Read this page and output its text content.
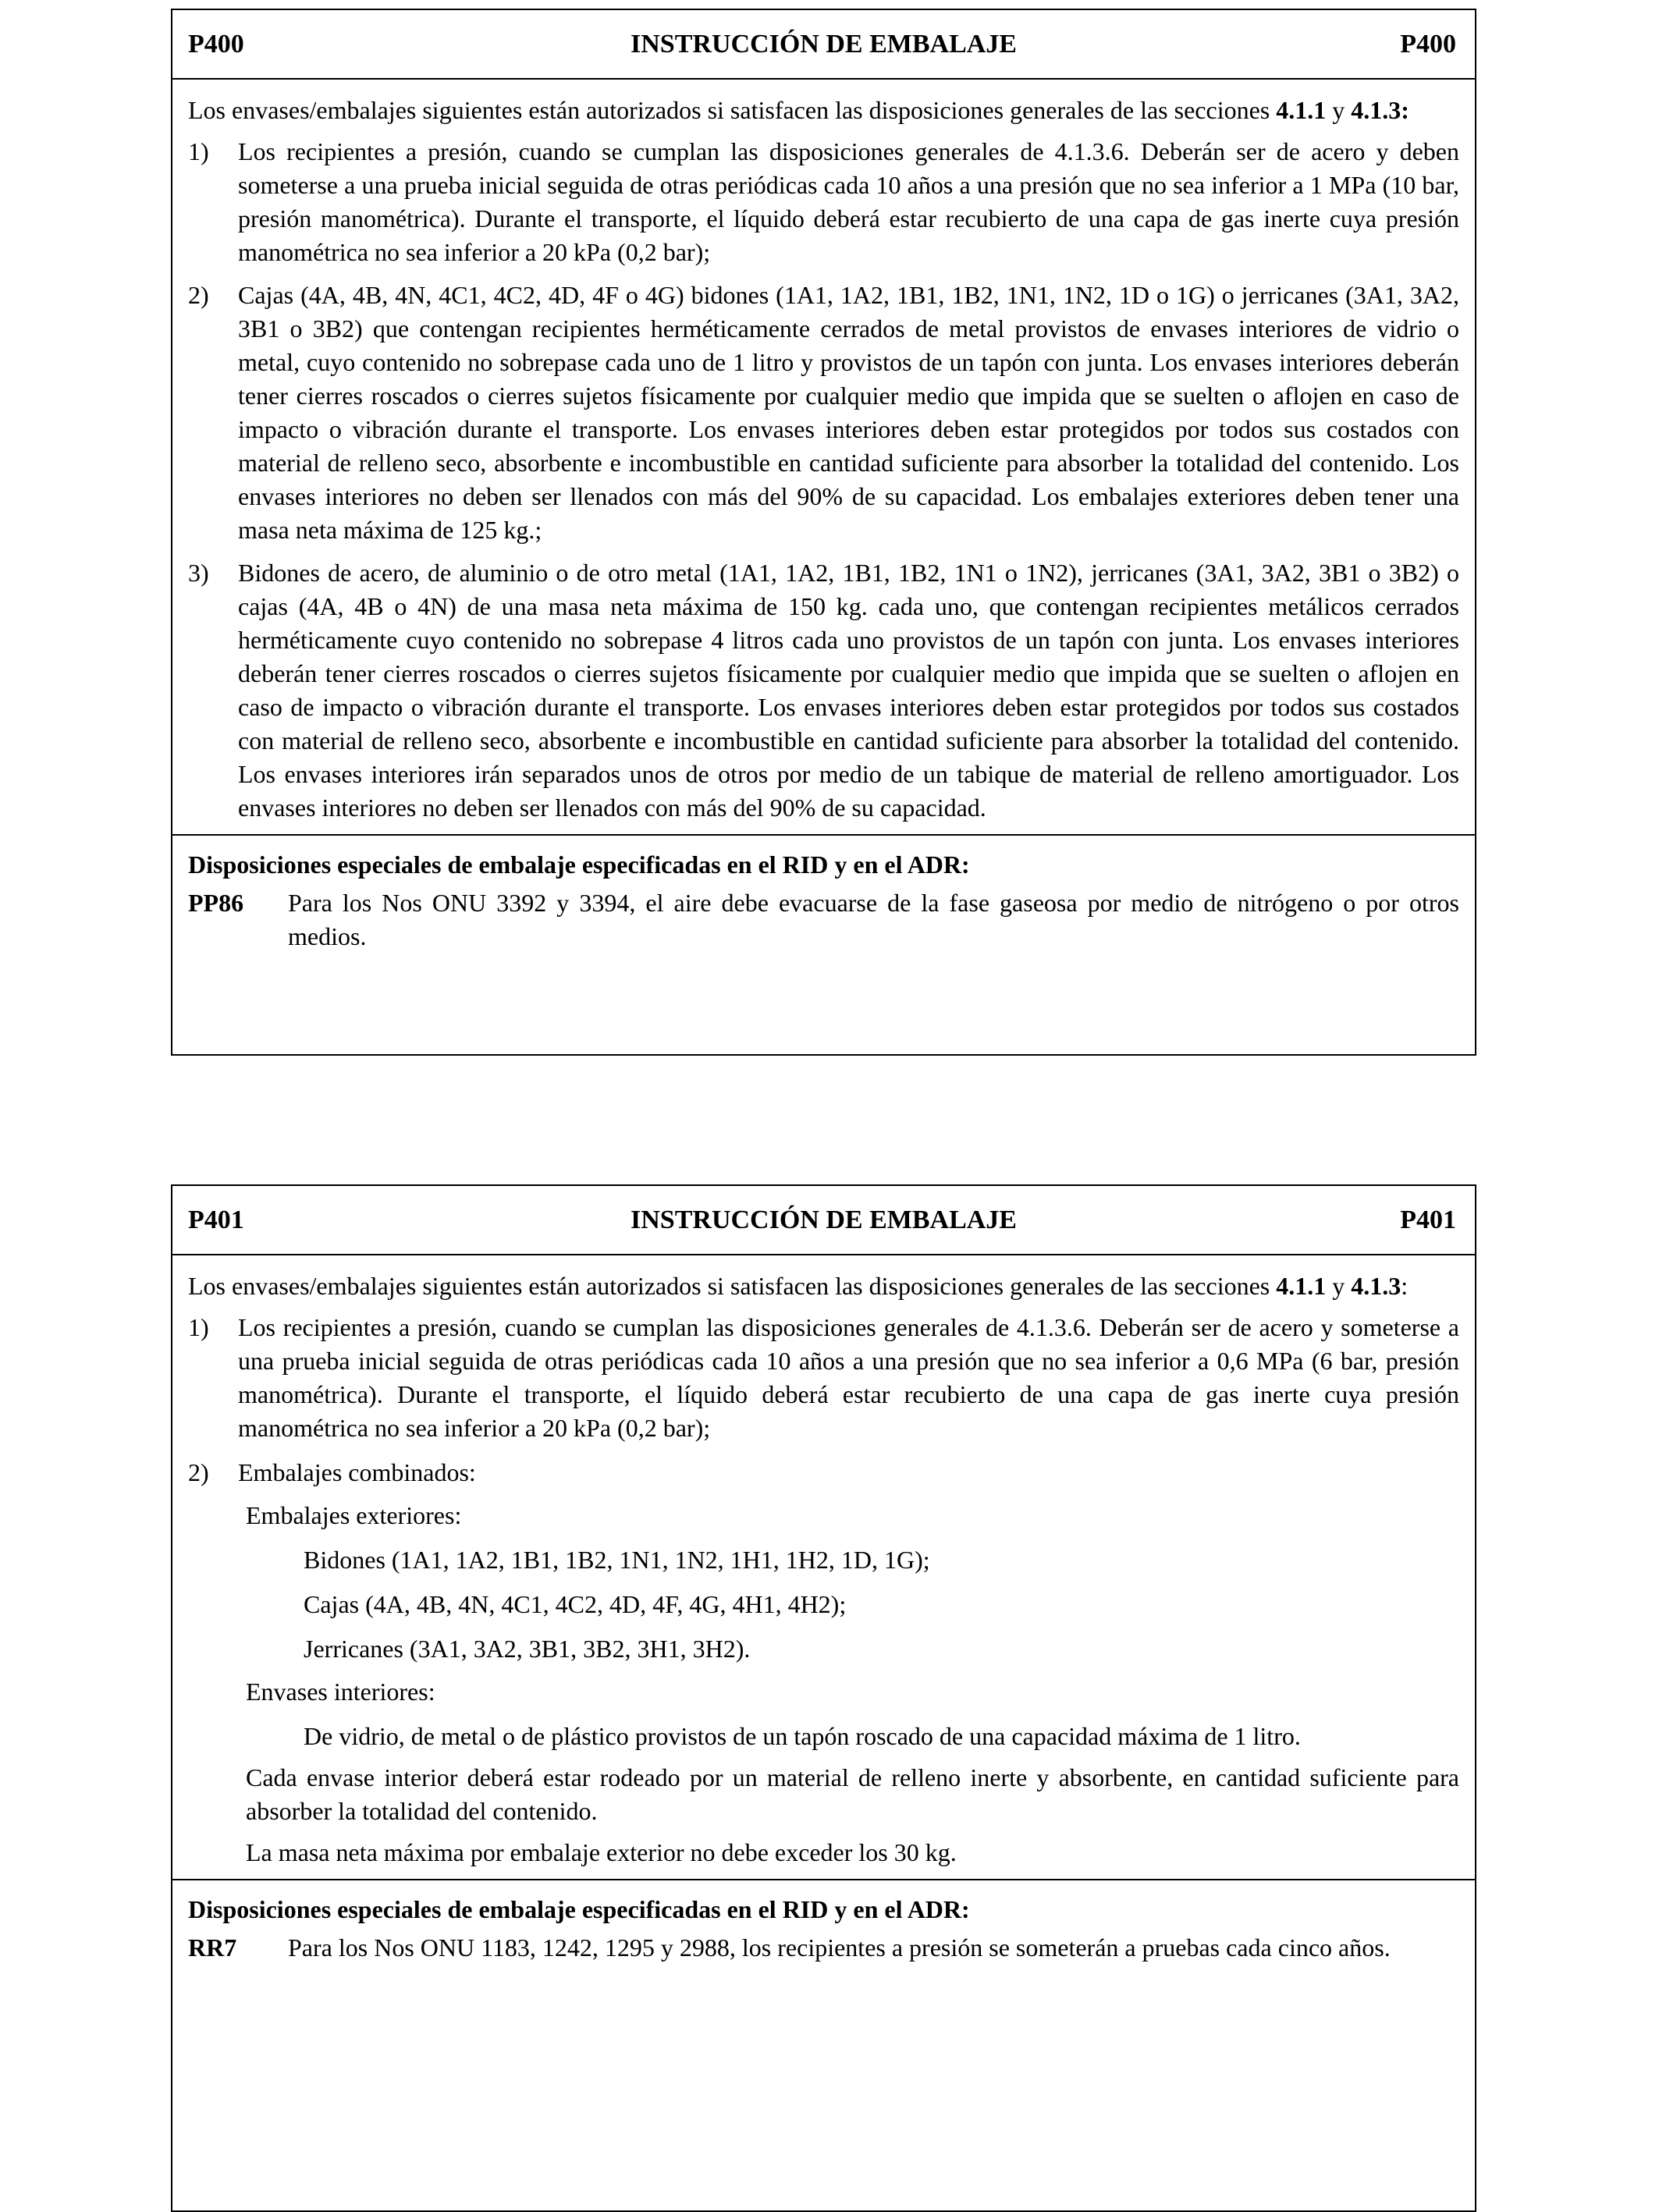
P400	INSTRUCCIÓN DE EMBALAJE	P400

Los envases/embalajes siguientes están autorizados si satisfacen las disposiciones generales de las secciones 4.1.1 y 4.1.3:

1) Los recipientes a presión, cuando se cumplan las disposiciones generales de 4.1.3.6. Deberán ser de acero y deben someterse a una prueba inicial seguida de otras periódicas cada 10 años a una presión que no sea inferior a 1 MPa (10 bar, presión manométrica). Durante el transporte, el líquido deberá estar recubierto de una capa de gas inerte cuya presión manométrica no sea inferior a 20 kPa (0,2 bar);
2) Cajas (4A, 4B, 4N, 4C1, 4C2, 4D, 4F o 4G) bidones (1A1, 1A2, 1B1, 1B2, 1N1, 1N2, 1D o 1G) o jerricanes (3A1, 3A2, 3B1 o 3B2) que contengan recipientes herméticamente cerrados de metal provistos de envases interiores de vidrio o metal, cuyo contenido no sobrepase cada uno de 1 litro y provistos de un tapón con junta. Los envases interiores deberán tener cierres roscados o cierres sujetos físicamente por cualquier medio que impida que se suelten o aflojen en caso de impacto o vibración durante el transporte. Los envases interiores deben estar protegidos por todos sus costados con material de relleno seco, absorbente e incombustible en cantidad suficiente para absorber la totalidad del contenido. Los envases interiores no deben ser llenados con más del 90% de su capacidad. Los embalajes exteriores deben tener una masa neta máxima de 125 kg.;
3) Bidones de acero, de aluminio o de otro metal (1A1, 1A2, 1B1, 1B2, 1N1 o 1N2), jerricanes (3A1, 3A2, 3B1 o 3B2) o cajas (4A, 4B o 4N) de una masa neta máxima de 150 kg. cada uno, que contengan recipientes metálicos cerrados herméticamente cuyo contenido no sobrepase 4 litros cada uno provistos de un tapón con junta. Los envases interiores deberán tener cierres roscados o cierres sujetos físicamente por cualquier medio que impida que se suelten o aflojen en caso de impacto o vibración durante el transporte. Los envases interiores deben estar protegidos por todos sus costados con material de relleno seco, absorbente e incombustible en cantidad suficiente para absorber la totalidad del contenido. Los envases interiores irán separados unos de otros por medio de un tabique de material de relleno amortiguador. Los envases interiores no deben ser llenados con más del 90% de su capacidad.
Disposiciones especiales de embalaje especificadas en el RID y en el ADR:
PP86 Para los Nos ONU 3392 y 3394, el aire debe evacuarse de la fase gaseosa por medio de nitrógeno o por otros medios.
P401	INSTRUCCIÓN DE EMBALAJE	P401

Los envases/embalajes siguientes están autorizados si satisfacen las disposiciones generales de las secciones 4.1.1 y 4.1.3:

1) Los recipientes a presión, cuando se cumplan las disposiciones generales de 4.1.3.6. Deberán ser de acero y someterse a una prueba inicial seguida de otras periódicas cada 10 años a una presión que no sea inferior a 0,6 MPa (6 bar, presión manométrica). Durante el transporte, el líquido deberá estar recubierto de una capa de gas inerte cuya presión manométrica no sea inferior a 20 kPa (0,2 bar);
2) Embalajes combinados:
Embalajes exteriores:
Bidones (1A1, 1A2, 1B1, 1B2, 1N1, 1N2, 1H1, 1H2, 1D, 1G);
Cajas (4A, 4B, 4N, 4C1, 4C2, 4D, 4F, 4G, 4H1, 4H2);
Jerricanes (3A1, 3A2, 3B1, 3B2, 3H1, 3H2).
Envases interiores:
De vidrio, de metal o de plástico provistos de un tapón roscado de una capacidad máxima de 1 litro.
Cada envase interior deberá estar rodeado por un material de relleno inerte y absorbente, en cantidad suficiente para absorber la totalidad del contenido.
La masa neta máxima por embalaje exterior no debe exceder los 30 kg.
Disposiciones especiales de embalaje especificadas en el RID y en el ADR:
RR7 Para los Nos ONU 1183, 1242, 1295 y 2988, los recipientes a presión se someterán a pruebas cada cinco años.
